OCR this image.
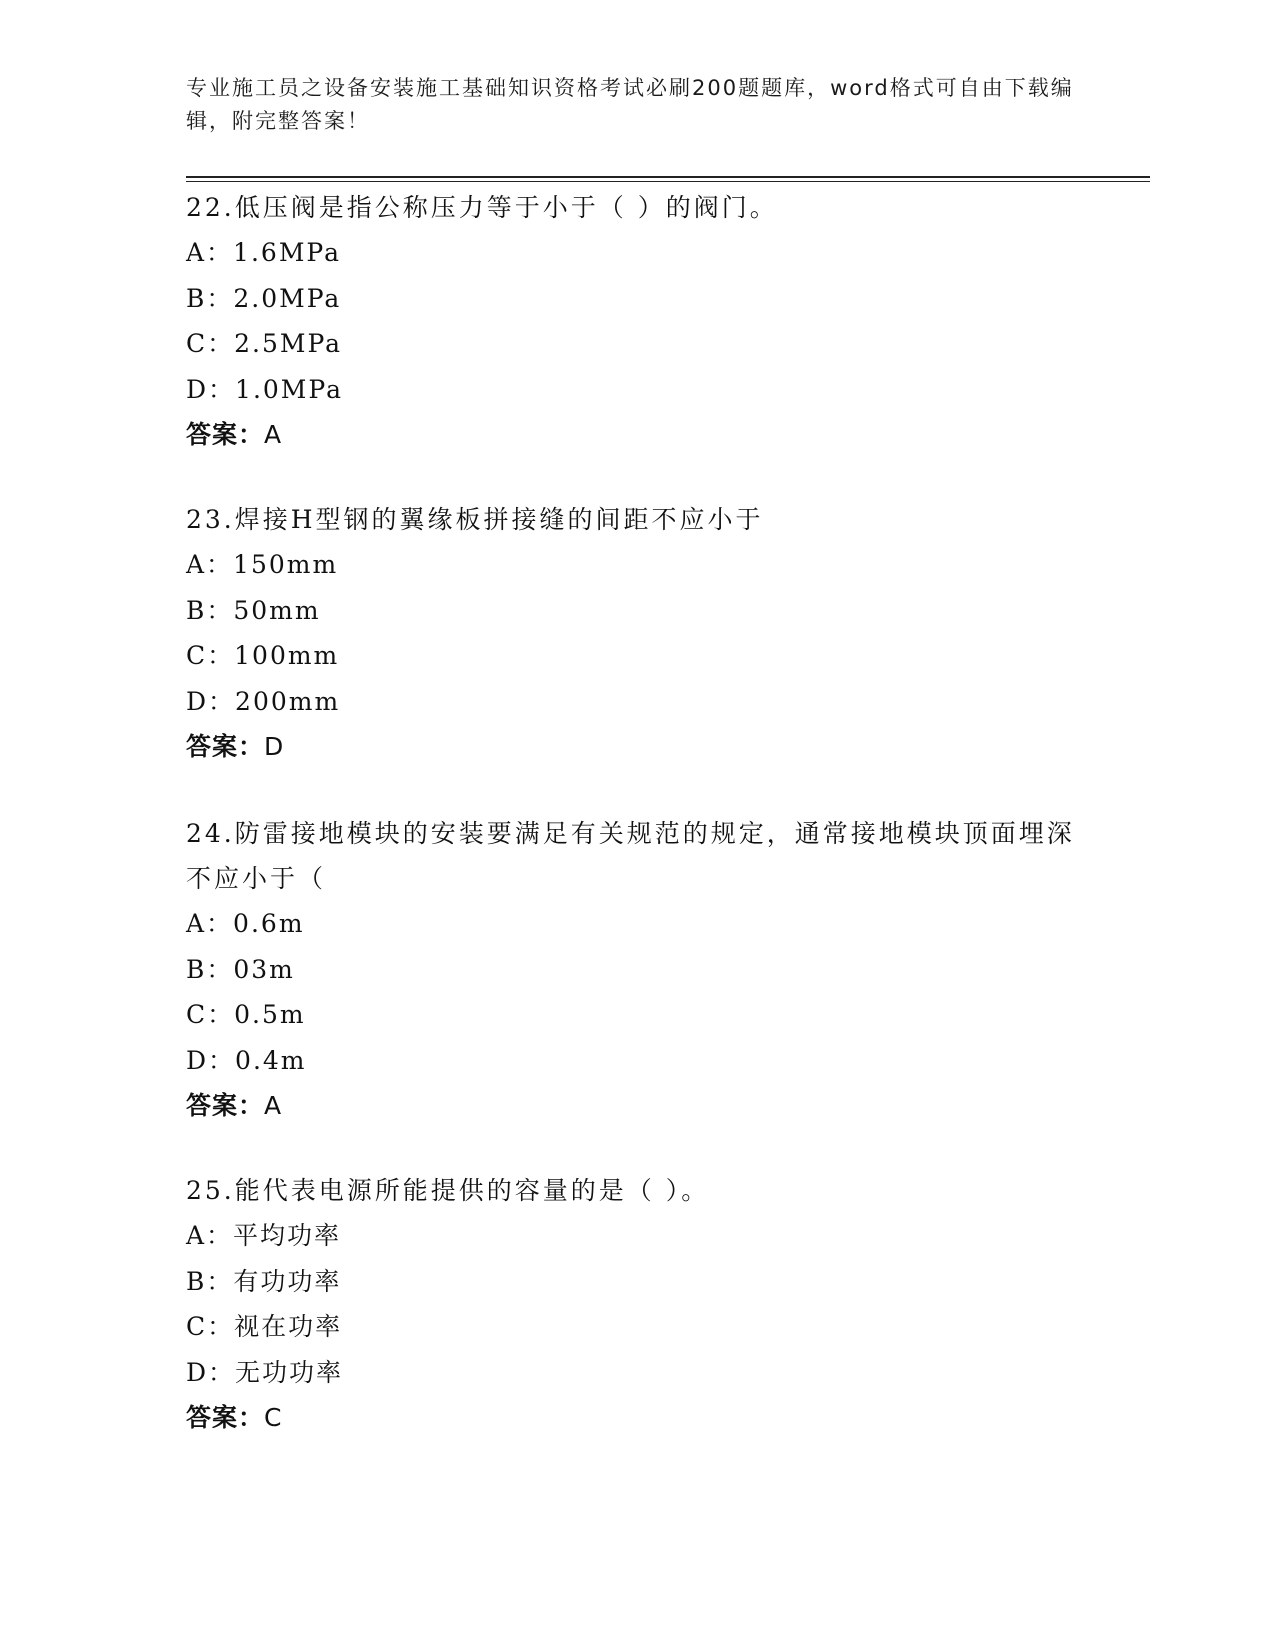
专业施工员之设备安装施工基础知识资格考试必刷200题题库，word格式可自由下载编辑，附完整答案！
22.低压阀是指公称压力等于小于（ ）的阀门。
A：1.6MPa
B：2.0MPa
C：2.5MPa
D：1.0MPa
答案：A
23.焊接H型钢的翼缘板拼接缝的间距不应小于
A：150mm
B：50mm
C：100mm
D：200mm
答案：D
24.防雷接地模块的安装要满足有关规范的规定，通常接地模块顶面埋深不应小于（
A：0.6m
B：03m
C：0.5m
D：0.4m
答案：A
25.能代表电源所能提供的容量的是（ ）。
A：平均功率
B：有功功率
C：视在功率
D：无功功率
答案：C
